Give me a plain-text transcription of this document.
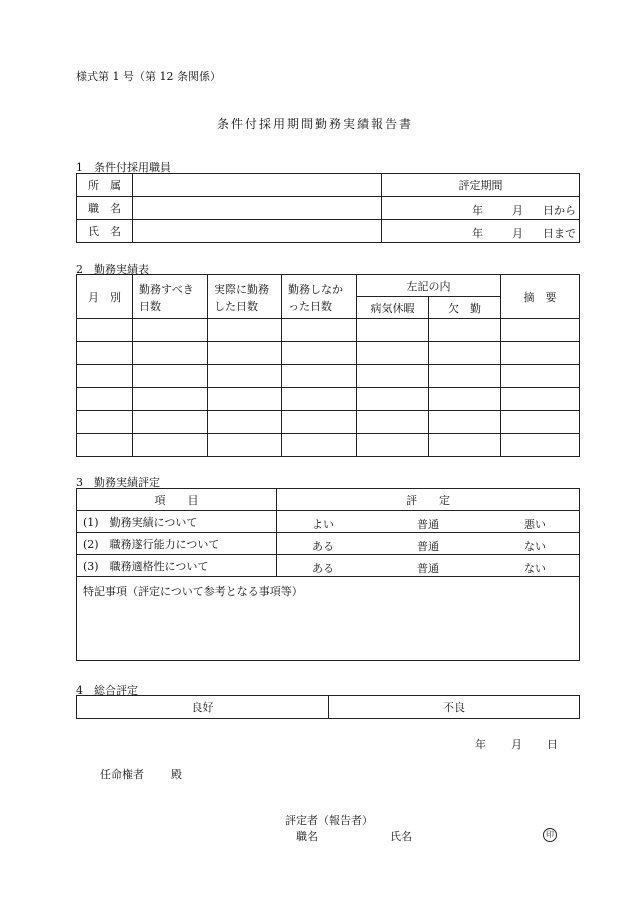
様式第 1 号（第 12 条関係）
条件付採用期間勤務実績報告書
1　条件付採用職員
所　属		評定期間
職　名		年 月 日から

氏　名		年 月 日まで
2　勤務実績表
月　別	勤務すべき日数	実際に勤務した日数	勤務しなかった日数	左記の内		摘　要
				病気休暇	欠　勤	

3　勤務実績評定
項　　目	評　　定
(1)　 勤務実績について	よい 普通 悪い

(2)　 職務遂行能力について	ある 普通 ない

(3)　 職務適格性について	ある 普通 ない

特記事項（評定について参考となる事項等）	
4　総合評定
良好	不良
年 月 日
任命権者 殿
評定者（報告者）
職名	氏名	印
